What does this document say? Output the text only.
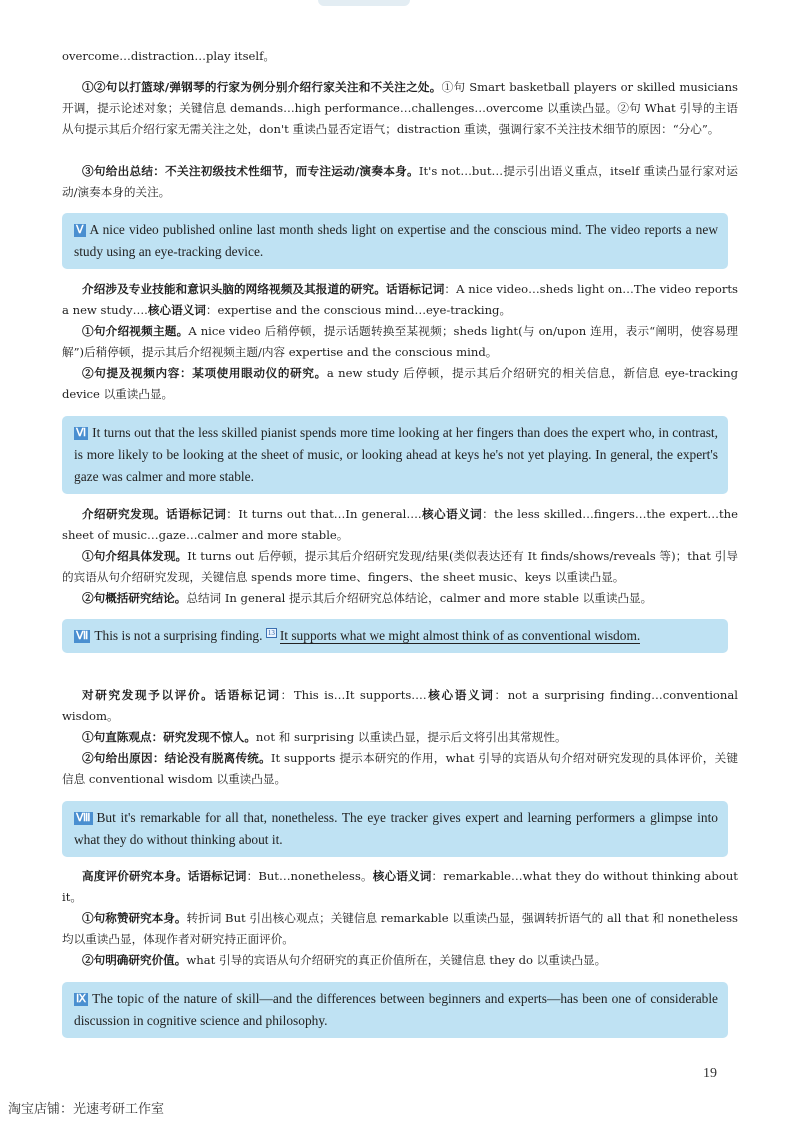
overcome…distraction…play itself。

①②句以打篮球/弹钢琴的行家为例分别介绍行家关注和不关注之处。①句 Smart basketball players or skilled musicians 开调，提示论述对象；关键信息 demands…high performance…challenges…overcome 以重读凸显。②句 What 引导的主语从句提示其后介绍行家无需关注之处，don't 重读凸显否定语气；distraction 重读，强调行家不关注技术细节的原因：“分心”。

③句给出总结：不关注初级技术性细节，而专注运动/演奏本身。It's not…but…提示引出语义重点，itself 重读凸显行家对运动/演奏本身的关注。

Ⅴ A nice video published online last month sheds light on expertise and the conscious mind. The video reports a new study using an eye-tracking device.

介绍涉及专业技能和意识头脑的网络视频及其报道的研究。话语标记词：A nice video…sheds light on…The video reports a new study….核心语义词：expertise and the conscious mind…eye-tracking。

①句介绍视频主题。A nice video 后稍停顿，提示话题转换至某视频；sheds light(与 on/upon 连用，表示“阐明，使容易理解”)后稍停顿，提示其后介绍视频主题/内容 expertise and the conscious mind。

②句提及视频内容：某项使用眼动仪的研究。a new study 后停顿，提示其后介绍研究的相关信息，新信息 eye-tracking device 以重读凸显。

Ⅵ It turns out that the less skilled pianist spends more time looking at her fingers than does the expert who, in contrast, is more likely to be looking at the sheet of music, or looking ahead at keys he's not yet playing. In general, the expert's gaze was calmer and more stable.

介绍研究发现。话语标记词：It turns out that…In general….核心语义词：the less skilled…fingers…the expert…the sheet of music…gaze…calmer and more stable。

①句介绍具体发现。It turns out 后停顿，提示其后介绍研究发现/结果(类似表达还有 It finds/shows/reveals 等)；that 引导的宾语从句介绍研究发现，关键信息 spends more time、fingers、the sheet music、keys 以重读凸显。

②句概括研究结论。总结词 In general 提示其后介绍研究总体结论，calmer and more stable 以重读凸显。

Ⅶ This is not a surprising finding. 13 It supports what we might almost think of as conventional wisdom.

对研究发现予以评价。话语标记词：This is…It supports….核心语义词：not a surprising finding…conventional wisdom。

①句直陈观点：研究发现不惊人。not 和 surprising 以重读凸显，提示后文将引出其常规性。

②句给出原因：结论没有脱离传统。It supports 提示本研究的作用，what 引导的宾语从句介绍对研究发现的具体评价，关键信息 conventional wisdom 以重读凸显。

Ⅷ But it's remarkable for all that, nonetheless. The eye tracker gives expert and learning performers a glimpse into what they do without thinking about it.

高度评价研究本身。话语标记词：But…nonetheless。核心语义词：remarkable…what they do without thinking about it。

①句称赞研究本身。转折词 But 引出核心观点；关键信息 remarkable 以重读凸显，强调转折语气的 all that 和 nonetheless 均以重读凸显，体现作者对研究持正面评价。

②句明确研究价值。what 引导的宾语从句介绍研究的真正价值所在，关键信息 they do 以重读凸显。

Ⅸ The topic of the nature of skill—and the differences between beginners and experts—has been one of considerable discussion in cognitive science and philosophy.
19
淘宝店铺：光速考研工作室
